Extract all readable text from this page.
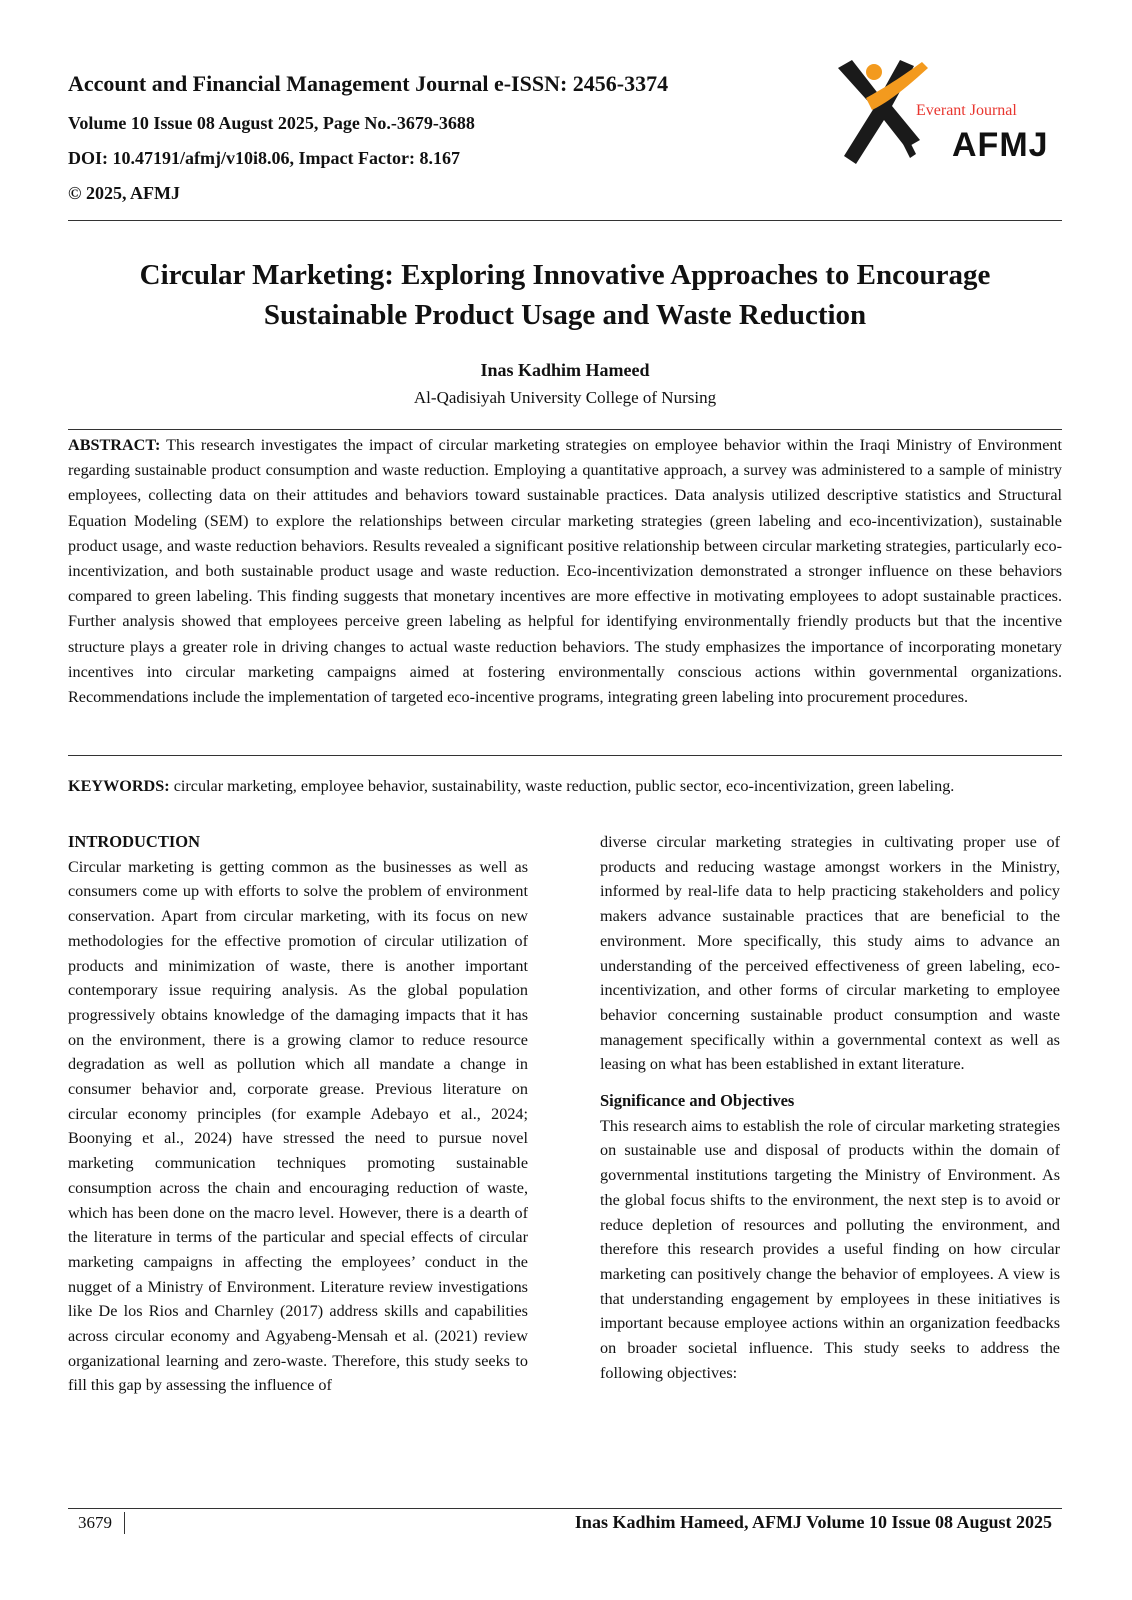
Account and Financial Management Journal e-ISSN: 2456-3374
Volume 10 Issue 08 August 2025, Page No.-3679-3688
DOI: 10.47191/afmj/v10i8.06, Impact Factor: 8.167
© 2025, AFMJ
Everant Journal
AFMJ
Circular Marketing: Exploring Innovative Approaches to Encourage Sustainable Product Usage and Waste Reduction
Inas Kadhim Hameed
Al-Qadisiyah University College of Nursing
ABSTRACT: This research investigates the impact of circular marketing strategies on employee behavior within the Iraqi Ministry of Environment regarding sustainable product consumption and waste reduction. Employing a quantitative approach, a survey was administered to a sample of ministry employees, collecting data on their attitudes and behaviors toward sustainable practices. Data analysis utilized descriptive statistics and Structural Equation Modeling (SEM) to explore the relationships between circular marketing strategies (green labeling and eco-incentivization), sustainable product usage, and waste reduction behaviors. Results revealed a significant positive relationship between circular marketing strategies, particularly eco-incentivization, and both sustainable product usage and waste reduction. Eco-incentivization demonstrated a stronger influence on these behaviors compared to green labeling. This finding suggests that monetary incentives are more effective in motivating employees to adopt sustainable practices. Further analysis showed that employees perceive green labeling as helpful for identifying environmentally friendly products but that the incentive structure plays a greater role in driving changes to actual waste reduction behaviors. The study emphasizes the importance of incorporating monetary incentives into circular marketing campaigns aimed at fostering environmentally conscious actions within governmental organizations. Recommendations include the implementation of targeted eco-incentive programs, integrating green labeling into procurement procedures.
KEYWORDS: circular marketing, employee behavior, sustainability, waste reduction, public sector, eco-incentivization, green labeling.
INTRODUCTION

Circular marketing is getting common as the businesses as well as consumers come up with efforts to solve the problem of environment conservation. Apart from circular marketing, with its focus on new methodologies for the effective promotion of circular utilization of products and minimization of waste, there is another important contemporary issue requiring analysis. As the global population progressively obtains knowledge of the damaging impacts that it has on the environment, there is a growing clamor to reduce resource degradation as well as pollution which all mandate a change in consumer behavior and, corporate grease. Previous literature on circular economy principles (for example Adebayo et al., 2024; Boonying et al., 2024) have stressed the need to pursue novel marketing communication techniques promoting sustainable consumption across the chain and encouraging reduction of waste, which has been done on the macro level. However, there is a dearth of the literature in terms of the particular and special effects of circular marketing campaigns in affecting the employees’ conduct in the nugget of a Ministry of Environment. Literature review investigations like De los Rios and Charnley (2017) address skills and capabilities across circular economy and Agyabeng-Mensah et al. (2021) review organizational learning and zero-waste. Therefore, this study seeks to fill this gap by assessing the influence of

diverse circular marketing strategies in cultivating proper use of products and reducing wastage amongst workers in the Ministry, informed by real-life data to help practicing stakeholders and policy makers advance sustainable practices that are beneficial to the environment. More specifically, this study aims to advance an understanding of the perceived effectiveness of green labeling, eco-incentivization, and other forms of circular marketing to employee behavior concerning sustainable product consumption and waste management specifically within a governmental context as well as leasing on what has been established in extant literature.

Significance and Objectives

This research aims to establish the role of circular marketing strategies on sustainable use and disposal of products within the domain of governmental institutions targeting the Ministry of Environment. As the global focus shifts to the environment, the next step is to avoid or reduce depletion of resources and polluting the environment, and therefore this research provides a useful finding on how circular marketing can positively change the behavior of employees. A view is that understanding engagement by employees in these initiatives is important because employee actions within an organization feedbacks on broader societal influence. This study seeks to address the following objectives:

3679	Inas Kadhim Hameed, AFMJ Volume 10 Issue 08 August 2025
